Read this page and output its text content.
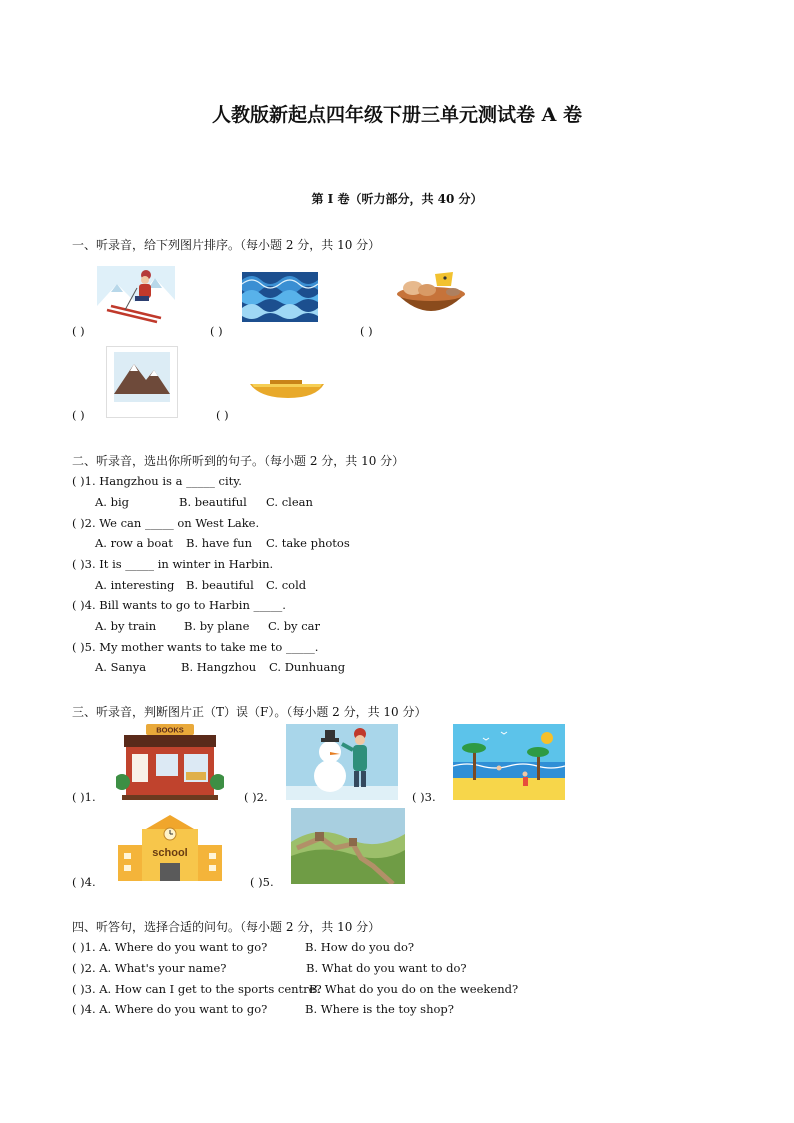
人教版新起点四年级下册三单元测试卷 A 卷
第 I 卷（听力部分，共 40 分）
一、听录音，给下列图片排序。（每小题 2 分，共 10 分）
( )	( )	( )
( )	( )
二、听录音，选出你所听到的句子。（每小题 2 分，共 10 分）
( )1. Hangzhou is a _____ city.
A. big	B. beautiful C. clean
( )2. We can _____ on West Lake.
A. row a boat B. have fun C. take photos
( )3. It is _____ in winter in Harbin.
A. interesting B. beautiful C. cold
( )4. Bill wants to go to Harbin _____.
A. by train B. by plane C. by car
( )5. My mother wants to take me to _____.
A. Sanya	B. Hangzhou C. Dunhuang
三、听录音，判断图片正（T）误（F）。（每小题 2 分，共 10 分）
BOOKS
( )1.	( )2.	( )3.
school
( )4.	( )5.
四、听答句，选择合适的问句。（每小题 2 分，共 10 分）
( )1. A. Where do you want to go?	B. How do you do?
( )2. A. What's your name?	B. What do you want to do?
( )3. A. How can I get to the sports centre?
B. What do you do on the weekend?
( )4. A. Where do you want to go?	B. Where is the toy shop?
